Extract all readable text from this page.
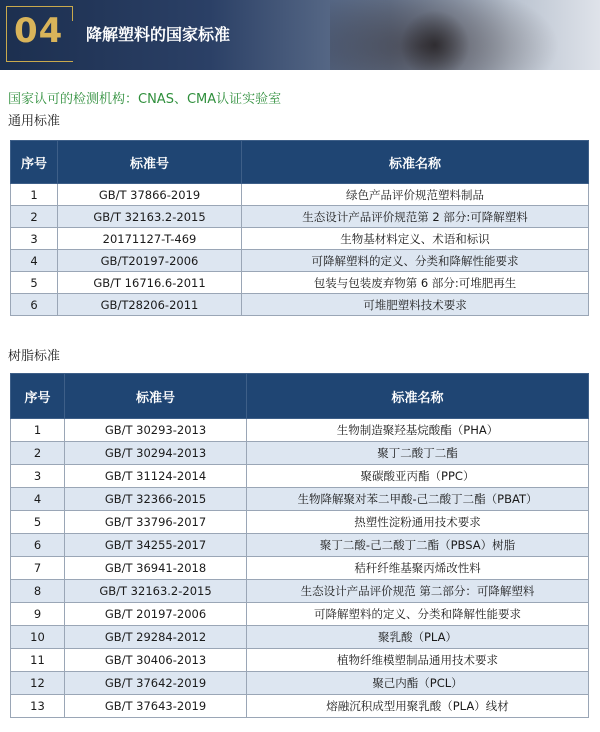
04 降解塑料的国家标准
国家认可的检测机构：CNAS、CMA认证实验室
通用标准
序号	标准号	标准名称
1	GB/T 37866-2019	绿色产品评价规范塑料制品
2	GB/T 32163.2-2015	生态设计产品评价规范第 2 部分:可降解塑料
3	20171127-T-469	生物基材料定义、术语和标识
4	GB/T20197-2006	可降解塑料的定义、分类和降解性能要求
5	GB/T 16716.6-2011	包装与包装废弃物第 6 部分:可堆肥再生
6	GB/T28206-2011	可堆肥塑料技术要求
树脂标准
序号	标准号	标准名称
1	GB/T 30293-2013	生物制造聚羟基烷酸酯（PHA）
2	GB/T 30294-2013	聚丁二酸丁二酯
3	GB/T 31124-2014	聚碳酸亚丙酯（PPC）
4	GB/T 32366-2015	生物降解聚对苯二甲酸-己二酸丁二酯（PBAT）
5	GB/T 33796-2017	热塑性淀粉通用技术要求
6	GB/T 34255-2017	聚丁二酸-己二酸丁二酯（PBSA）树脂
7	GB/T 36941-2018	秸秆纤维基聚丙烯改性料
8	GB/T 32163.2-2015	生态设计产品评价规范 第二部分：可降解塑料
9	GB/T 20197-2006	可降解塑料的定义、分类和降解性能要求
10	GB/T 29284-2012	聚乳酸（PLA）
11	GB/T 30406-2013	植物纤维模塑制品通用技术要求
12	GB/T 37642-2019	聚己内酯（PCL）
13	GB/T 37643-2019	熔融沉积成型用聚乳酸（PLA）线材
